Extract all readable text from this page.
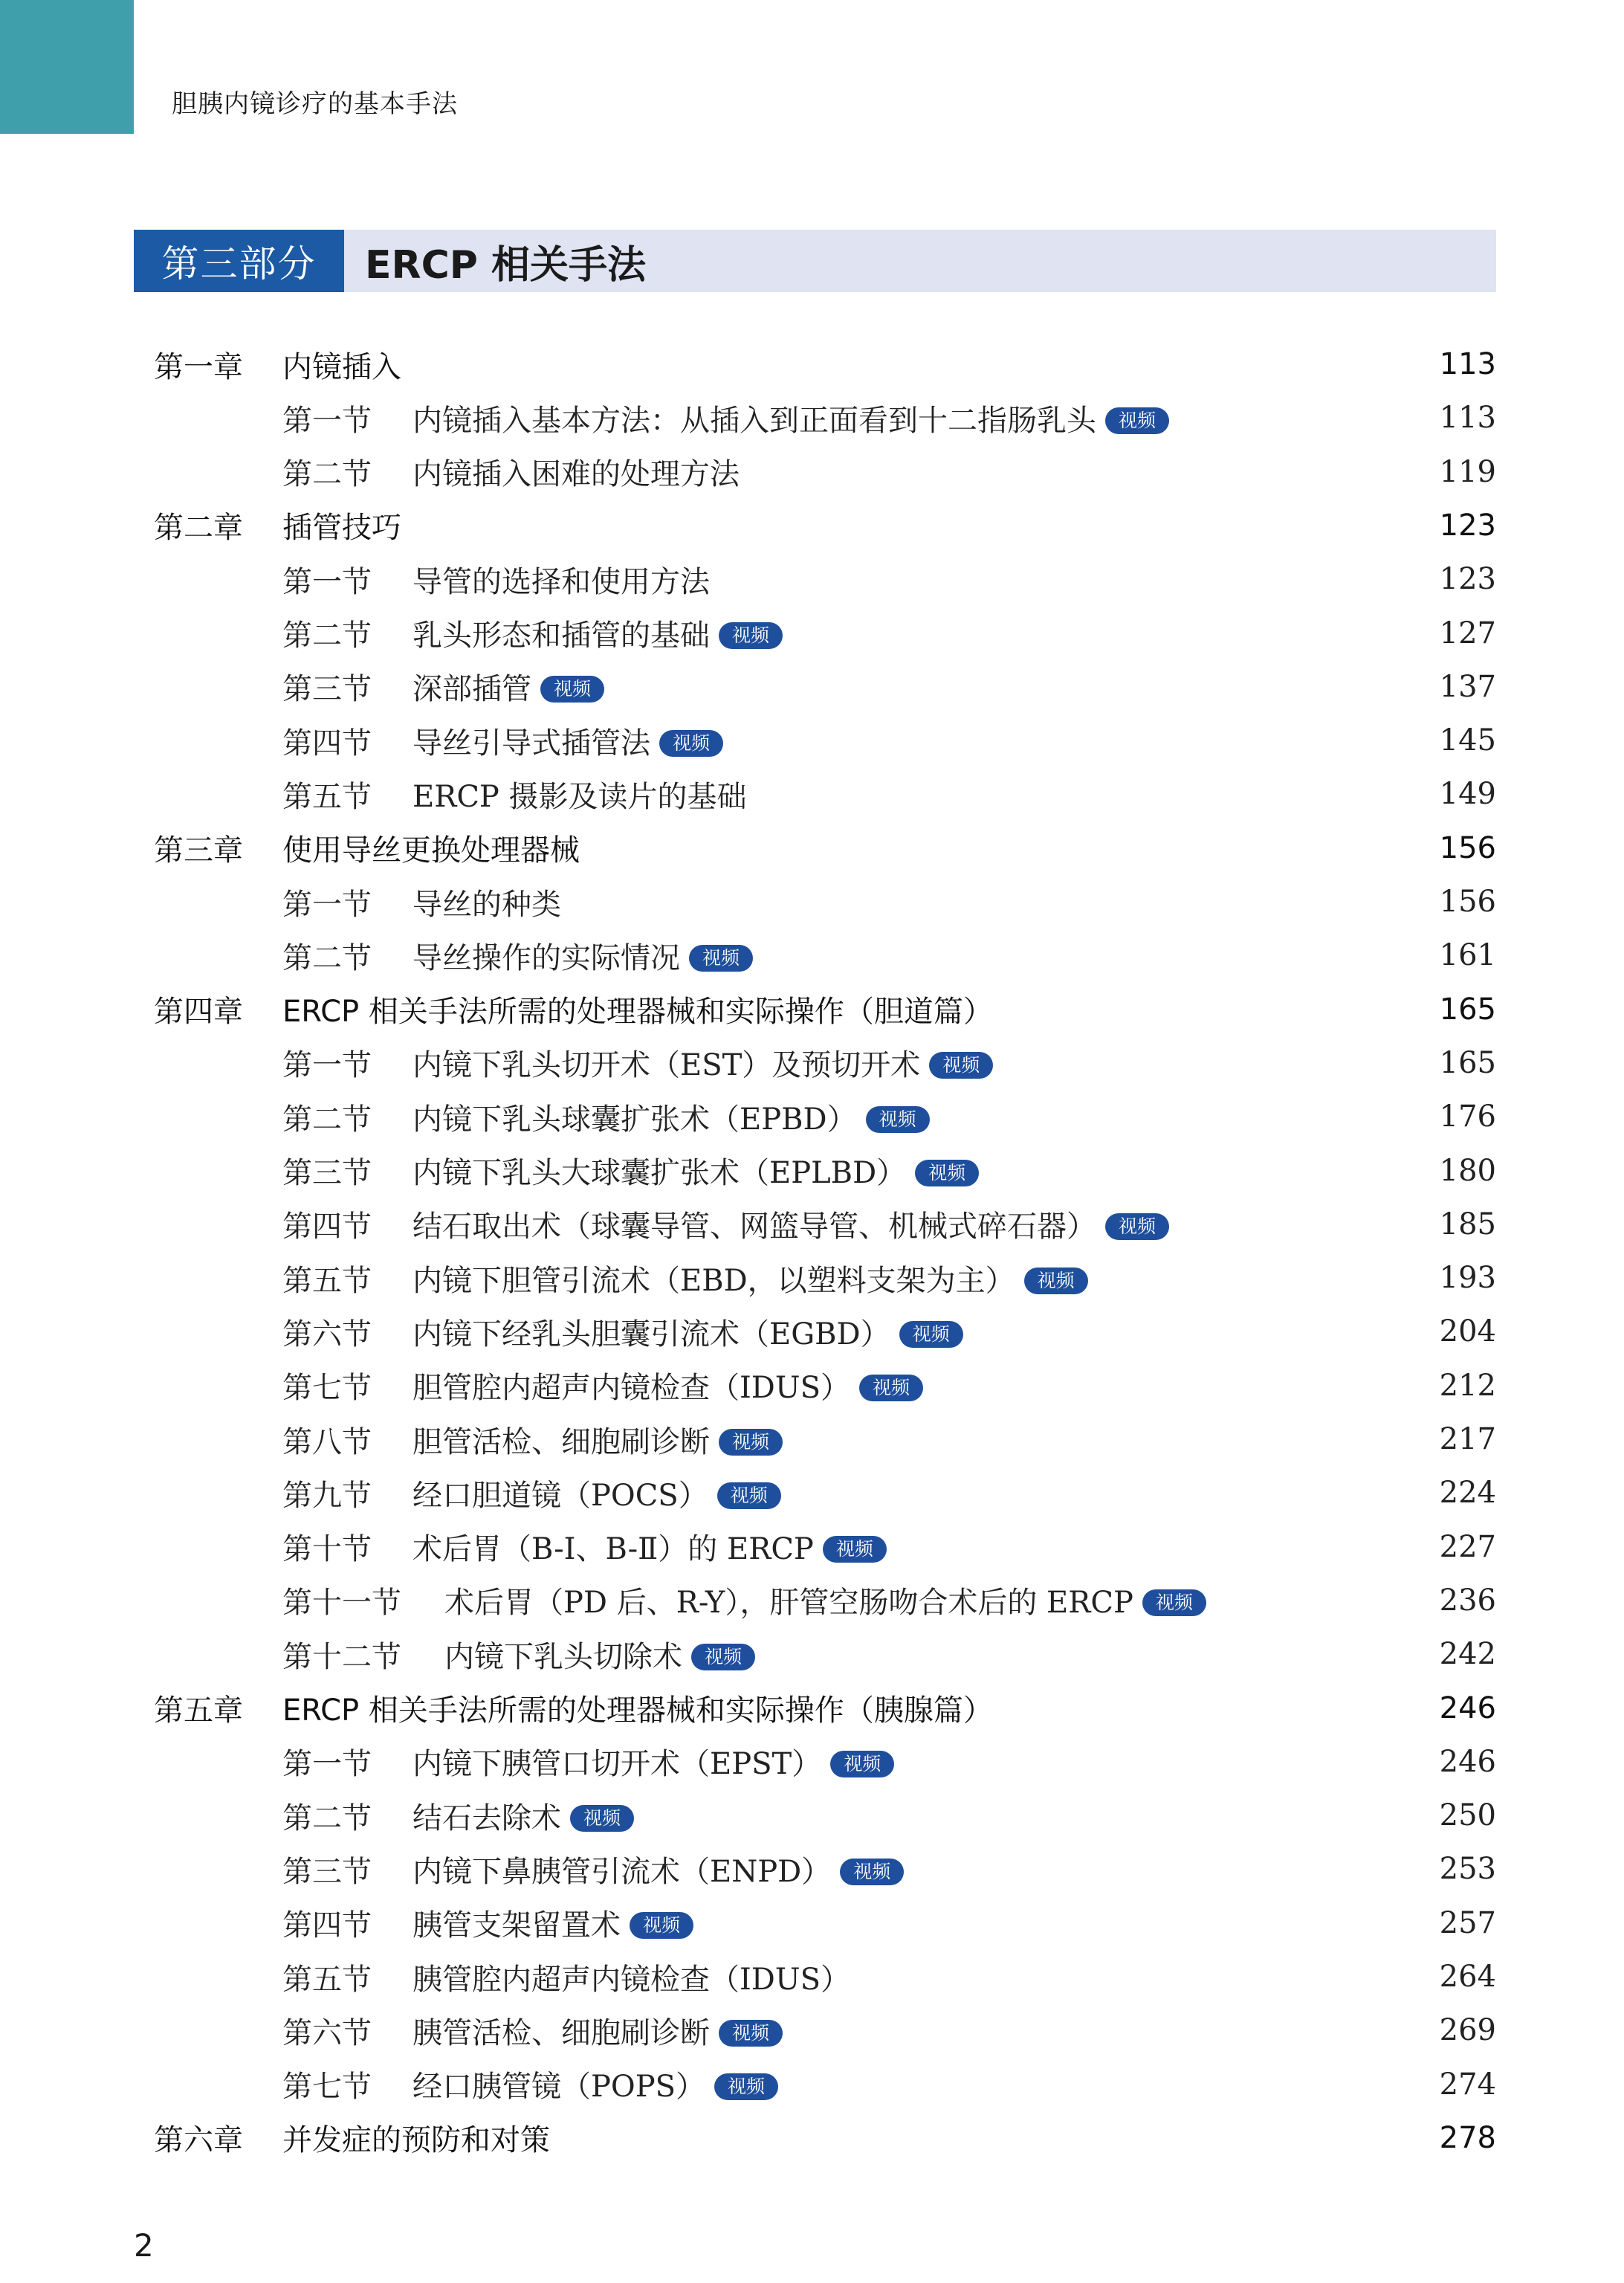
胆胰内镜诊疗的基本手法
第三部分	ERCP 相关手法
第一章 内镜插入	113
第一节 内镜插入基本方法：从插入到正面看到十二指肠乳头 视频	113
第二节 内镜插入困难的处理方法	119
第二章 插管技巧	123
第一节 导管的选择和使用方法	123
第二节 乳头形态和插管的基础 视频	127
第三节 深部插管 视频	137
第四节 导丝引导式插管法 视频	145
第五节 ERCP 摄影及读片的基础	149
第三章 使用导丝更换处理器械	156
第一节 导丝的种类	156
第二节 导丝操作的实际情况 视频	161
第四章 ERCP 相关手法所需的处理器械和实际操作（胆道篇）	165
第一节 内镜下乳头切开术（EST）及预切开术 视频	165
第二节 内镜下乳头球囊扩张术（EPBD） 视频	176
第三节 内镜下乳头大球囊扩张术（EPLBD） 视频	180
第四节 结石取出术（球囊导管、网篮导管、机械式碎石器） 视频	185
第五节 内镜下胆管引流术（EBD，以塑料支架为主） 视频	193
第六节 内镜下经乳头胆囊引流术（EGBD） 视频	204
第七节 胆管腔内超声内镜检查（IDUS） 视频	212
第八节 胆管活检、细胞刷诊断 视频	217
第九节 经口胆道镜（POCS） 视频	224
第十节 术后胃（B-Ⅰ、B-Ⅱ）的 ERCP 视频	227
第十一节 术后胃（PD 后、R-Y），肝管空肠吻合术后的 ERCP 视频	236
第十二节 内镜下乳头切除术 视频	242
第五章 ERCP 相关手法所需的处理器械和实际操作（胰腺篇）	246
第一节 内镜下胰管口切开术（EPST） 视频	246
第二节 结石去除术 视频	250
第三节 内镜下鼻胰管引流术（ENPD） 视频	253
第四节 胰管支架留置术 视频	257
第五节 胰管腔内超声内镜检查（IDUS）	264
第六节 胰管活检、细胞刷诊断 视频	269
第七节 经口胰管镜（POPS） 视频	274
第六章 并发症的预防和对策	278
2
